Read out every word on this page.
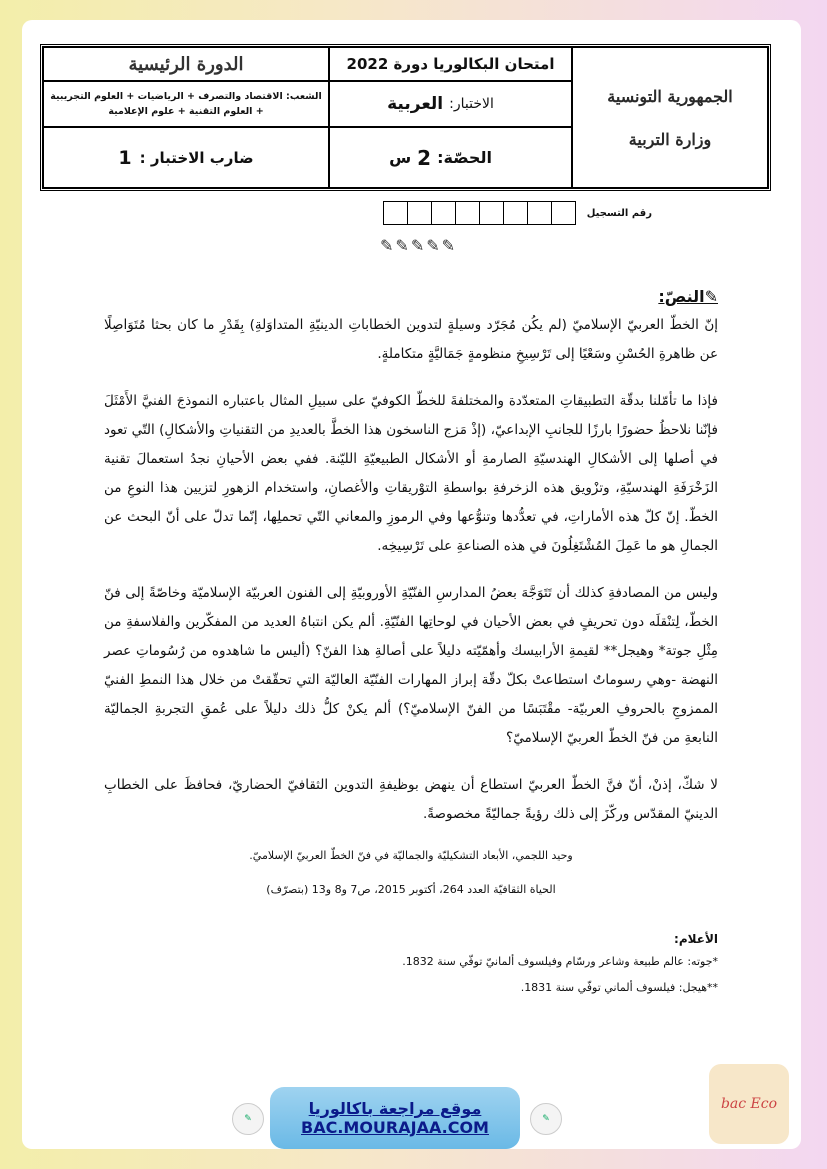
الجمهورية التونسية
وزارة التربية
امتحان البكالوريا دورة 2022
الاختبار:
العربية
الحصّة:
2
س
الدورة الرئيسية
الشعب: الاقتصاد والتصرف + الرياضيات + العلوم التجريبية
+ العلوم التقنية + علوم الإعلامية
ضارب الاختبار :
1
رقم التسجيل
✎✎✎✎✎
✎النصّ:

إنّ الخطّ العربيّ الإسلاميّ (لم يكُن مُجَرّد وسيلةٍ لتدوين الخطاباتِ الدينيّةِ المتداوَلةِ) بِقَدْرِ ما كان بحثا مُتَوَاصِلًا عن ظاهرةِ الحُسْنِ وسَعْيًا إلى تَرْسِيخِ منظومةٍ جَمَاليَّةٍ متكاملةٍ.

فإذا ما تأمّلنا بدقّة التطبيقاتِ المتعدّدة والمختلفةَ للخطّ الكوفيّ على سبيلِ المثال باعتباره النموذجَ الفنيَّ الأَمْثَلَ فإنّنا نلاحظُ حضورًا بارزًا للجانبِ الإبداعيّ، (إذْ مَزج الناسخون هذا الخطَّ بالعديدِ من التقنياتِ والأشكالِ) التّي تعود في أصلها إلى الأشكالِ الهندسيّةِ الصارمةِ أو الأشكال الطبيعيّةِ الليّنة. ففي بعض الأحيانِ نجدُ استعمالَ تقنية الزَخْرَفَةِ الهندسيّةِ، وتزْويق هذه الزخرفةِ بواسطةِ التوْريقاتِ والأغصانِ، واستخدام الزهورِ لتزيين هذا النوعِ من الخطّ. إنّ كلّ هذه الأماراتِ، في تعدُّدها وتنوُّعها وفي الرموزِ والمعاني التّي تحملِها، إنّما تدلّ على أنّ البحث عن الجمالِ هو ما عَمِلَ المُشْتَغِلُونَ في هذه الصناعةِ على تَرْسِيخِه.

وليس من المصادفةِ كذلك أن تَتَوَجَّهَ بعضُ المدارسِ الفنّيّةِ الأوروبيّةِ إلى الفنون العربيّة الإسلاميّة وخاصّةً إلى فنّ الخطّ، لِتنْقلَه دون تحريفٍ في بعض الأحيان في لوحاتِها الفنّيّةِ. ألم يكن انتباهُ العديد من المفكّرين والفلاسفةِ من مِثْلِ جوتة* وهيجل** لقيمةِ الأرابيسك وأهمّيّته دليلاً على أصالةِ هذا الفنّ؟ (أليس ما شاهدوه من رُسُوماتِ عصر النهضة -وهي رسوماتٌ استطاعتْ بكلّ دقّة إبراز المهارات الفنّيّة العاليّة التي تحقّقتْ من خلال هذا النمطِ الفنيّ الممزوجِ بالحروفِ العربيّة- مقْتَبَسًا من الفنّ الإسلاميّ؟) ألم يكنْ كلُّ ذلك دليلاً على عُمقِ التجربةِ الجماليّة النابعةِ من فنّ الخطّ العربيّ الإسلاميّ؟

لا شكّ، إذنْ، أنّ فنَّ الخطّ العربيّ استطاع أن ينهض بوظيفةِ التدوين الثقافيّ الحضاريّ، فحافظَ على الخطابِ الدينيّ المقدّس وركّزَ إلى ذلك رؤيةً جماليّةً مخصوصةً.

وحيد اللجمي، الأبعاد التشكيليّة والجماليّة في فنّ الخطّ العربيّ الإسلاميّ.
الحياة الثقافيّة العدد 264، أكتوبر 2015، ص7 و8 و13 (بتصرّف)
الأعلام:
*جوته: عالم طبيعة وشاعر ورسّام وفيلسوف ألمانيّ توفّي سنة 1832.
**هيجل: فيلسوف ألماني توفّي سنة 1831.
✎	✎
موقع مراجعة باكالوريا
BAC.MOURAJAA.COM
bac Eco
